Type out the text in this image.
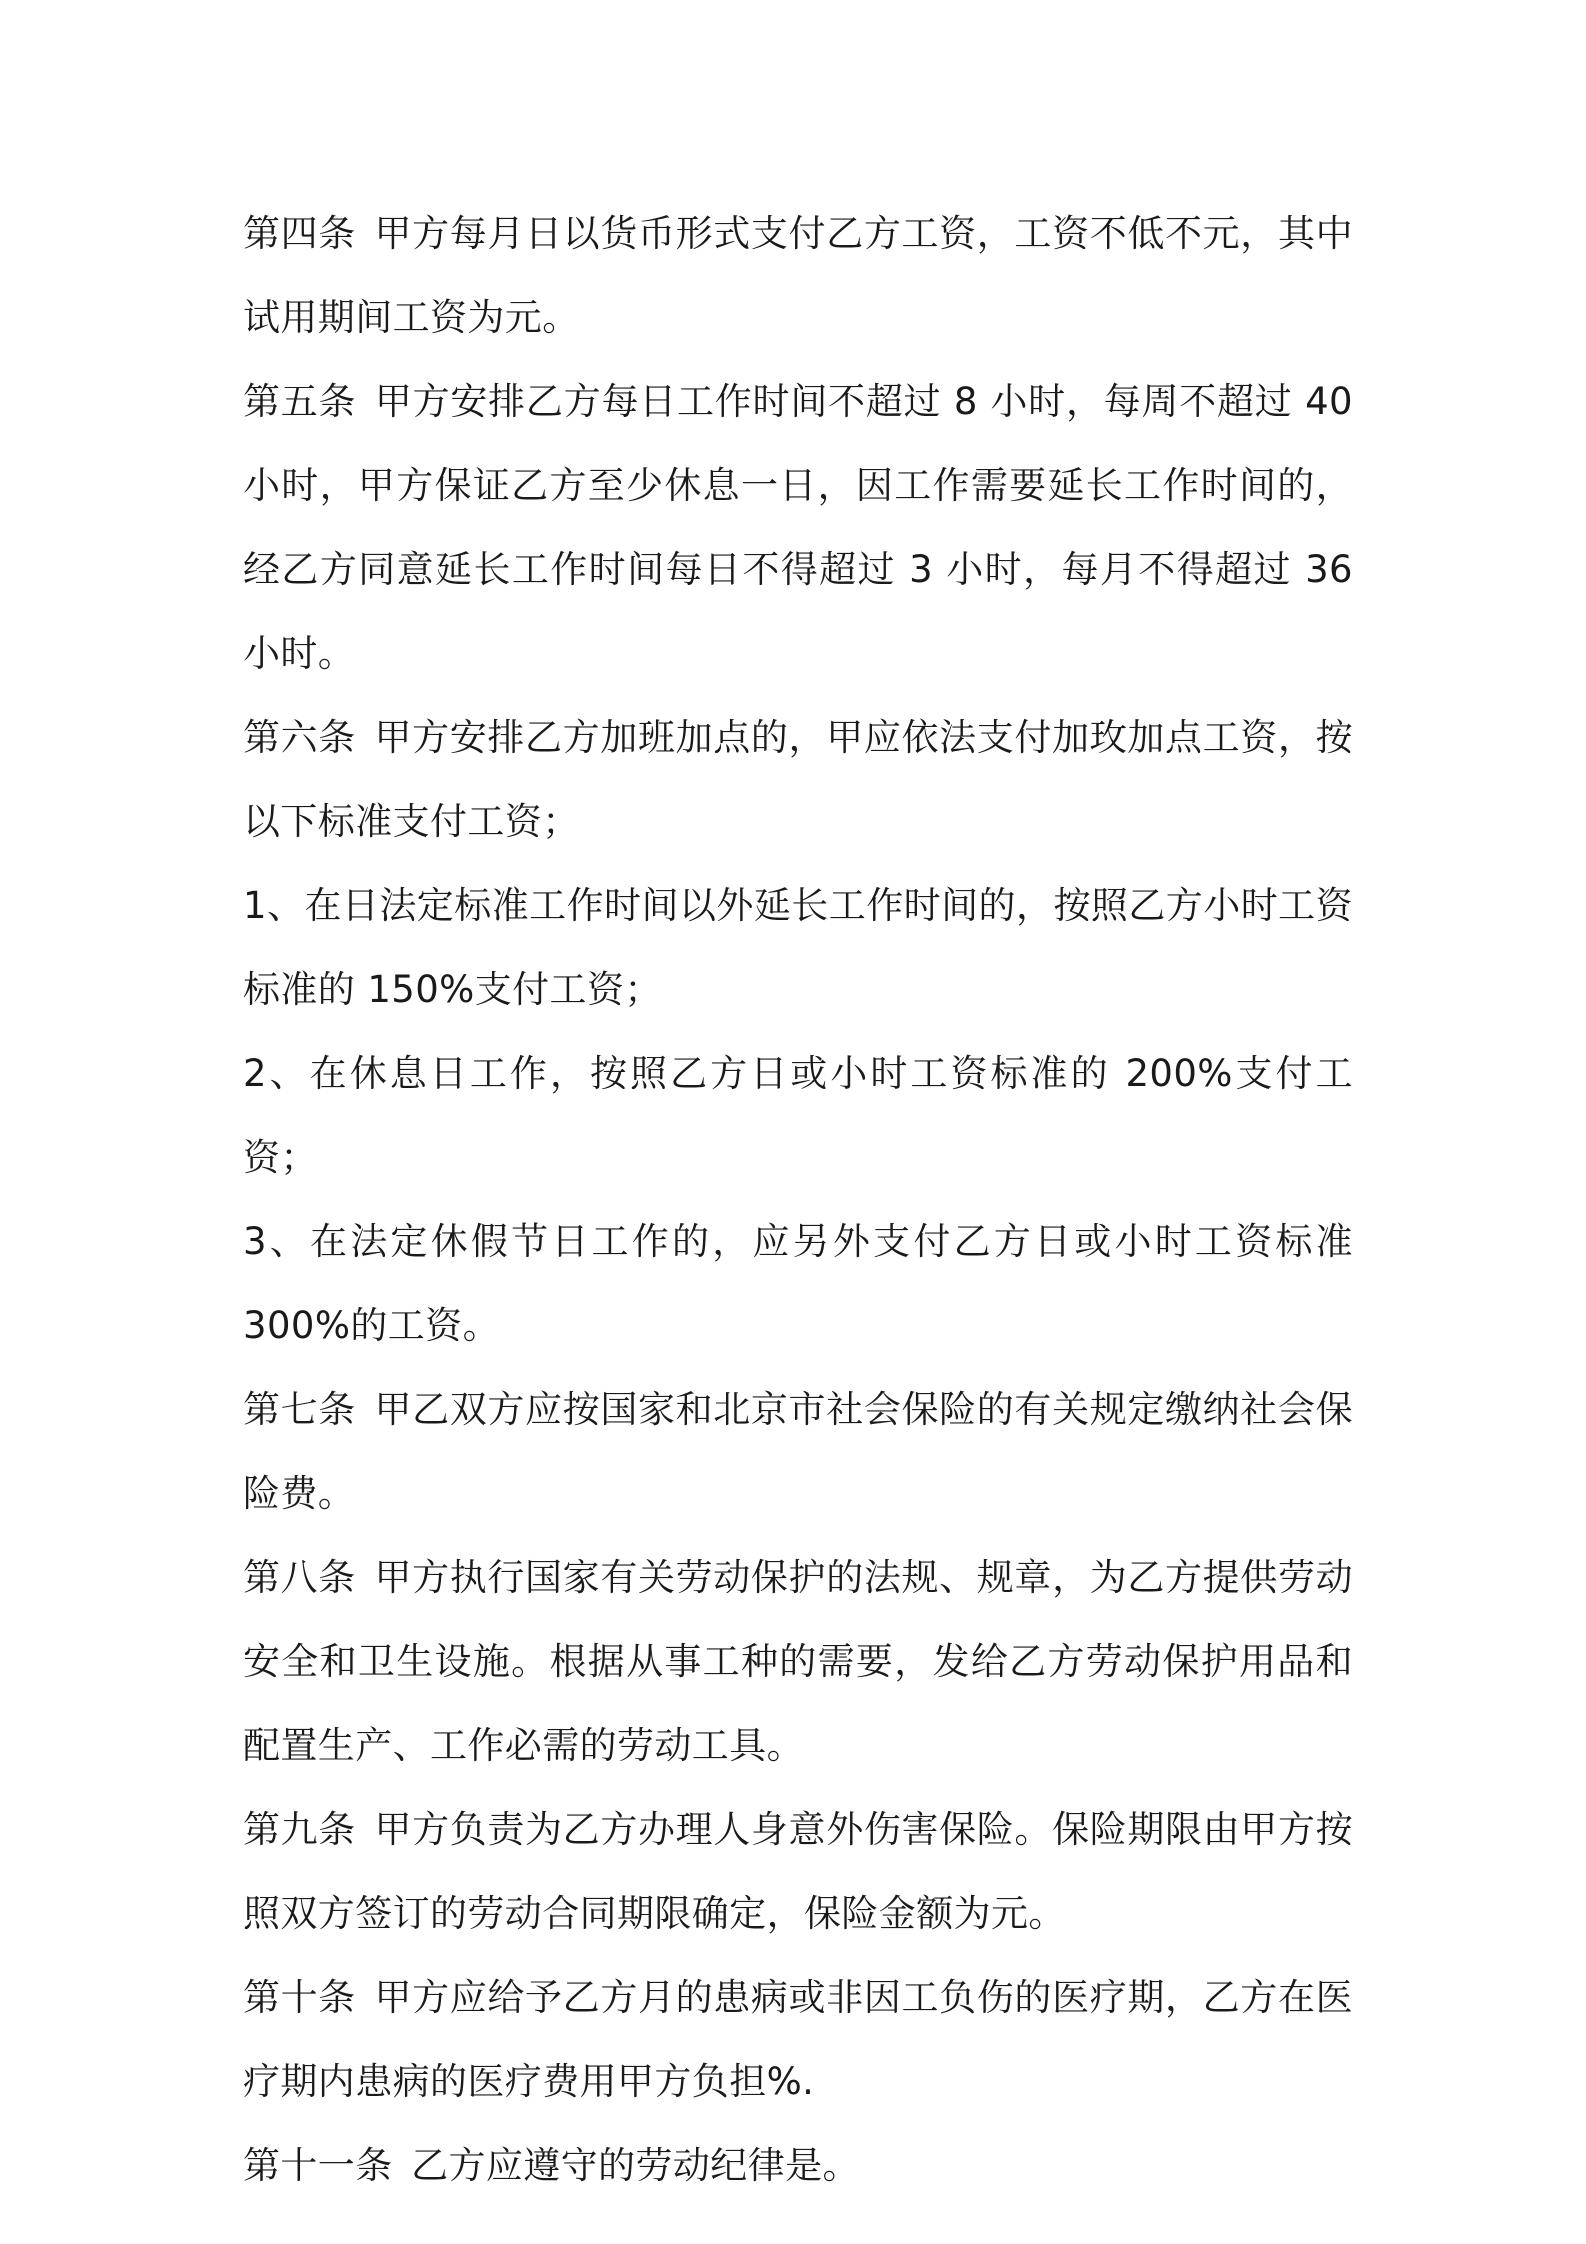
第四条 甲方每月日以货币形式支付乙方工资，工资不低不元，其中试用期间工资为元。

第五条 甲方安排乙方每日工作时间不超过 8 小时，每周不超过 40 小时，甲方保证乙方至少休息一日，因工作需要延长工作时间的，经乙方同意延长工作时间每日不得超过 3 小时，每月不得超过 36 小时。

第六条 甲方安排乙方加班加点的，甲应依法支付加玫加点工资，按以下标准支付工资；

1、在日法定标准工作时间以外延长工作时间的，按照乙方小时工资标准的 150%支付工资；

2、在休息日工作，按照乙方日或小时工资标准的 200%支付工资；

3、在法定休假节日工作的，应另外支付乙方日或小时工资标准 300%的工资。

第七条 甲乙双方应按国家和北京市社会保险的有关规定缴纳社会保险费。

第八条 甲方执行国家有关劳动保护的法规、规章，为乙方提供劳动安全和卫生设施。根据从事工种的需要，发给乙方劳动保护用品和配置生产、工作必需的劳动工具。

第九条 甲方负责为乙方办理人身意外伤害保险。保险期限由甲方按照双方签订的劳动合同期限确定，保险金额为元。

第十条 甲方应给予乙方月的患病或非因工负伤的医疗期，乙方在医疗期内患病的医疗费用甲方负担%.

第十一条 乙方应遵守的劳动纪律是。
